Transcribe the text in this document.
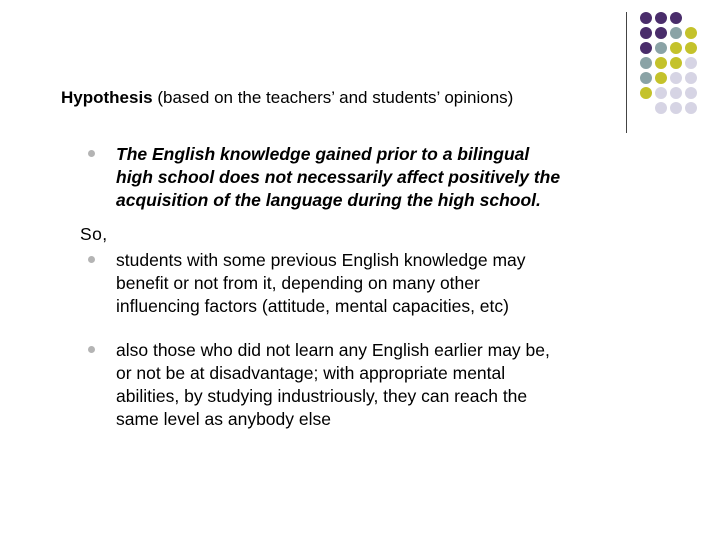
Hypothesis (based on the teachers’ and students’ opinions)

The English knowledge gained prior to a bilingual
high school does not necessarily affect positively the
acquisition of the language during the high school.

So,

students with some previous English knowledge may
benefit or not from it, depending on many other
influencing factors (attitude, mental capacities, etc)

also those who did not learn any English earlier may be,
or not be at disadvantage; with appropriate mental
abilities, by studying industriously, they can reach the
same level as anybody else
